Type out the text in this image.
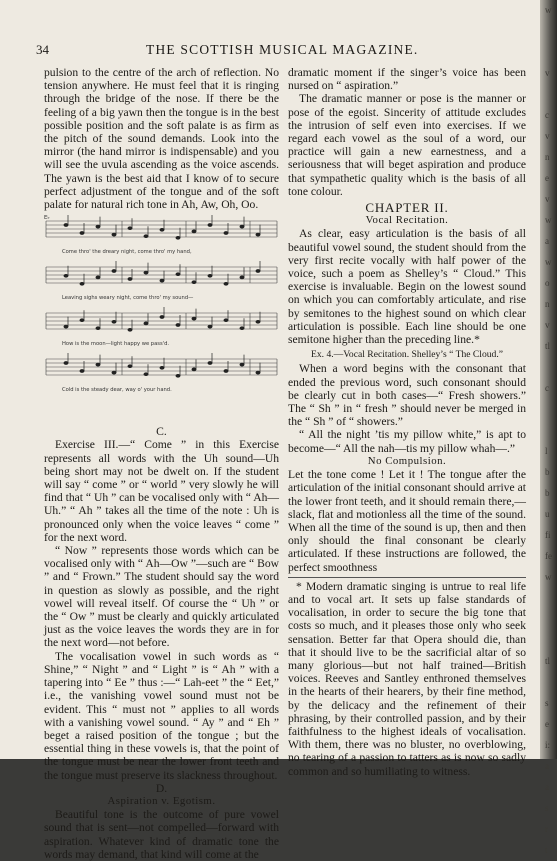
34	THE SCOTTISH MUSICAL MAGAZINE.

pulsion to the centre of the arch of reflection. No tension anywhere. He must feel that it is ringing through the bridge of the nose. If there be the feeling of a big yawn then the tongue is in the best possible position and the soft palate is as firm as the pitch of the sound demands. Look into the mirror (the hand mirror is indispensable) and you will see the uvula ascending as the voice ascends. The yawn is the best aid that I know of to secure perfect adjustment of the tongue and of the soft palate for natural rich tone in Ah, Aw, Oh, Oo.

E♭
Come thro' the dreary night, come thro' my hand,
Leaving sighs weary night, come thro' my sound—
How is the moon—light happy we pass'd.
Cold is the steady dear, way o' your hand.

C.

Exercise III.—“ Come ” in this Exercise represents all words with the Uh sound—Uh being short may not be dwelt on. If the student will say “ come ” or “ world ” very slowly he will find that “ Uh ” can be vocalised only with “ Ah—Uh.” “ Ah ” takes all the time of the note : Uh is pronounced only when the voice leaves “ come ” for the next word.

“ Now ” represents those words which can be vocalised only with “ Ah—Ow ”—such are “ Bow ” and “ Frown.” The student should say the word in question as slowly as possible, and the right vowel will reveal itself. Of course the “ Uh ” or the “ Ow ” must be clearly and quickly articulated just as the voice leaves the words they are in for the next word—not before.

The vocalisation vowel in such words as “ Shine,” “ Night ” and “ Light ” is “ Ah ” with a tapering into “ Ee ” thus :—“ Lah-eet ” the “ Eet,” i.e., the vanishing vowel sound must not be evident. This “ must not ” applies to all words with a vanishing vowel sound. “ Ay ” and “ Eh ” beget a raised position of the tongue ; but the essential thing in these vowels is, that the point of the tongue must be near the lower front teeth and the tongue must preserve its slackness throughout.

D.

Aspiration v. Egotism.

Beautiful tone is the outcome of pure vowel sound that is sent—not compelled—forward with aspiration. Whatever kind of dramatic tone the words may demand, that kind will come at the

dramatic moment if the singer’s voice has been nursed on “ aspiration.”

The dramatic manner or pose is the manner or pose of the egoist. Sincerity of attitude excludes the intrusion of self even into exercises. If we regard each vowel as the soul of a word, our practice will gain a new earnestness, and a seriousness that will beget aspiration and produce that sympathetic quality which is the basis of all tone colour.

CHAPTER II.

Vocal Recitation.

As clear, easy articulation is the basis of all beautiful vowel sound, the student should from the very first recite vocally with half power of the voice, such a poem as Shelley’s “ Cloud.” This exercise is invaluable. Begin on the lowest sound on which you can comfortably articulate, and rise by semitones to the highest sound on which clear articulation is possible. Each line should be one semitone higher than the preceding line.*

Ex. 4.—Vocal Recitation. Shelley’s “ The Cloud.”

When a word begins with the consonant that ended the previous word, such consonant should be clearly cut in both cases—“ Fresh showers.” The “ Sh ” in “ fresh ” should never be merged in the “ Sh ” of “ showers.”

“ All the night ’tis my pillow white,” is apt to become—“ All the nah—tis my pillow whah—.”

No Compulsion.

Let the tone come ! Let it ! The tongue after the articulation of the initial consonant should arrive at the lower front teeth, and it should remain there,—slack, flat and motionless all the time of the sound. When all the time of the sound is up, then and then only should the final consonant be clearly articulated. If these instructions are followed, the perfect smoothness

* Modern dramatic singing is untrue to real life and to vocal art. It sets up false standards of vocalisation, in order to secure the big tone that costs so much, and it pleases those only who seek sensation. Better far that Opera should die, than that it should live to be the sacrificial altar of so many glorious—but not half trained—British voices. Reeves and Santley enthroned themselves in the hearts of their hearers, by their fine method, by the delicacy and the refinement of their phrasing, by their controlled passion, and by their faithfulness to the highest ideals of vocalisation. With them, there was no bluster, no overblowing, no tearing of a passion to tatters as is now so sadly common and so humiliating to witness.

w

v

c
v
n
e
v
w
a
w
o
n
v
tl

c

l
b
b
u
fi
fe
w

tl

s
e
i:
a
a
s
r
t
